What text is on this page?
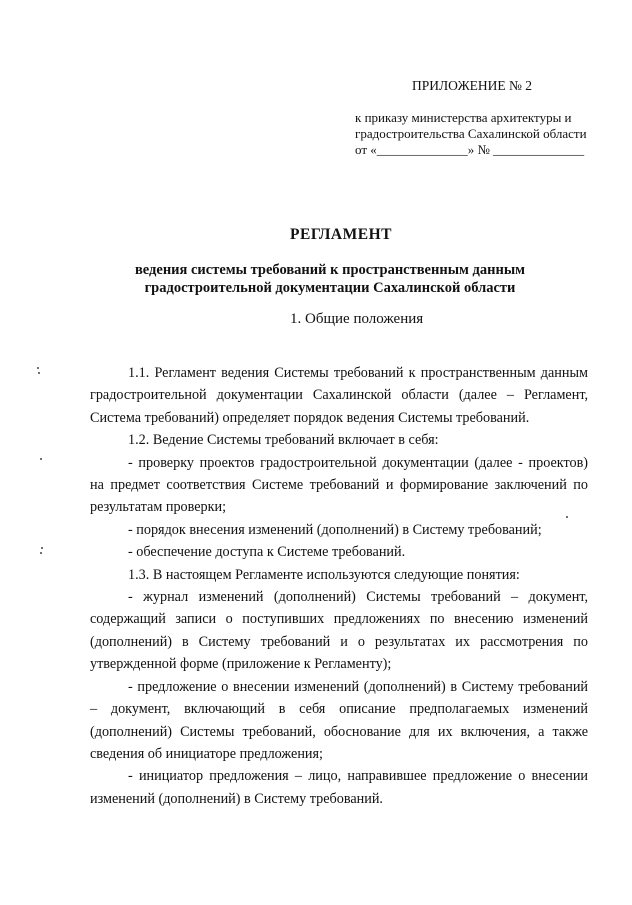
ПРИЛОЖЕНИЕ № 2
к приказу министерства архитектуры и
градостроительства Сахалинской области
от «______________» № ______________
РЕГЛАМЕНТ
ведения системы требований к пространственным данным градостроительной документации Сахалинской области
1. Общие положения

1.1. Регламент ведения Системы требований к пространственным данным градостроительной документации Сахалинской области (далее – Регламент, Система требований) определяет порядок ведения Системы требований.

1.2. Ведение Системы требований включает в себя:

- проверку проектов градостроительной документации (далее - проектов) на предмет соответствия Системе требований и формирование заключений по результатам проверки;

- порядок внесения изменений (дополнений) в Систему требований;

- обеспечение доступа к Системе требований.

1.3. В настоящем Регламенте используются следующие понятия:

- журнал изменений (дополнений) Системы требований – документ, содержащий записи о поступивших предложениях по внесению изменений (дополнений) в Систему требований и о результатах их рассмотрения по утвержденной форме (приложение к Регламенту);

- предложение о внесении изменений (дополнений) в Систему требований – документ, включающий в себя описание предполагаемых изменений (дополнений) Системы требований, обоснование для их включения, а также сведения об инициаторе предложения;

- инициатор предложения – лицо, направившее предложение о внесении изменений (дополнений) в Систему требований.
